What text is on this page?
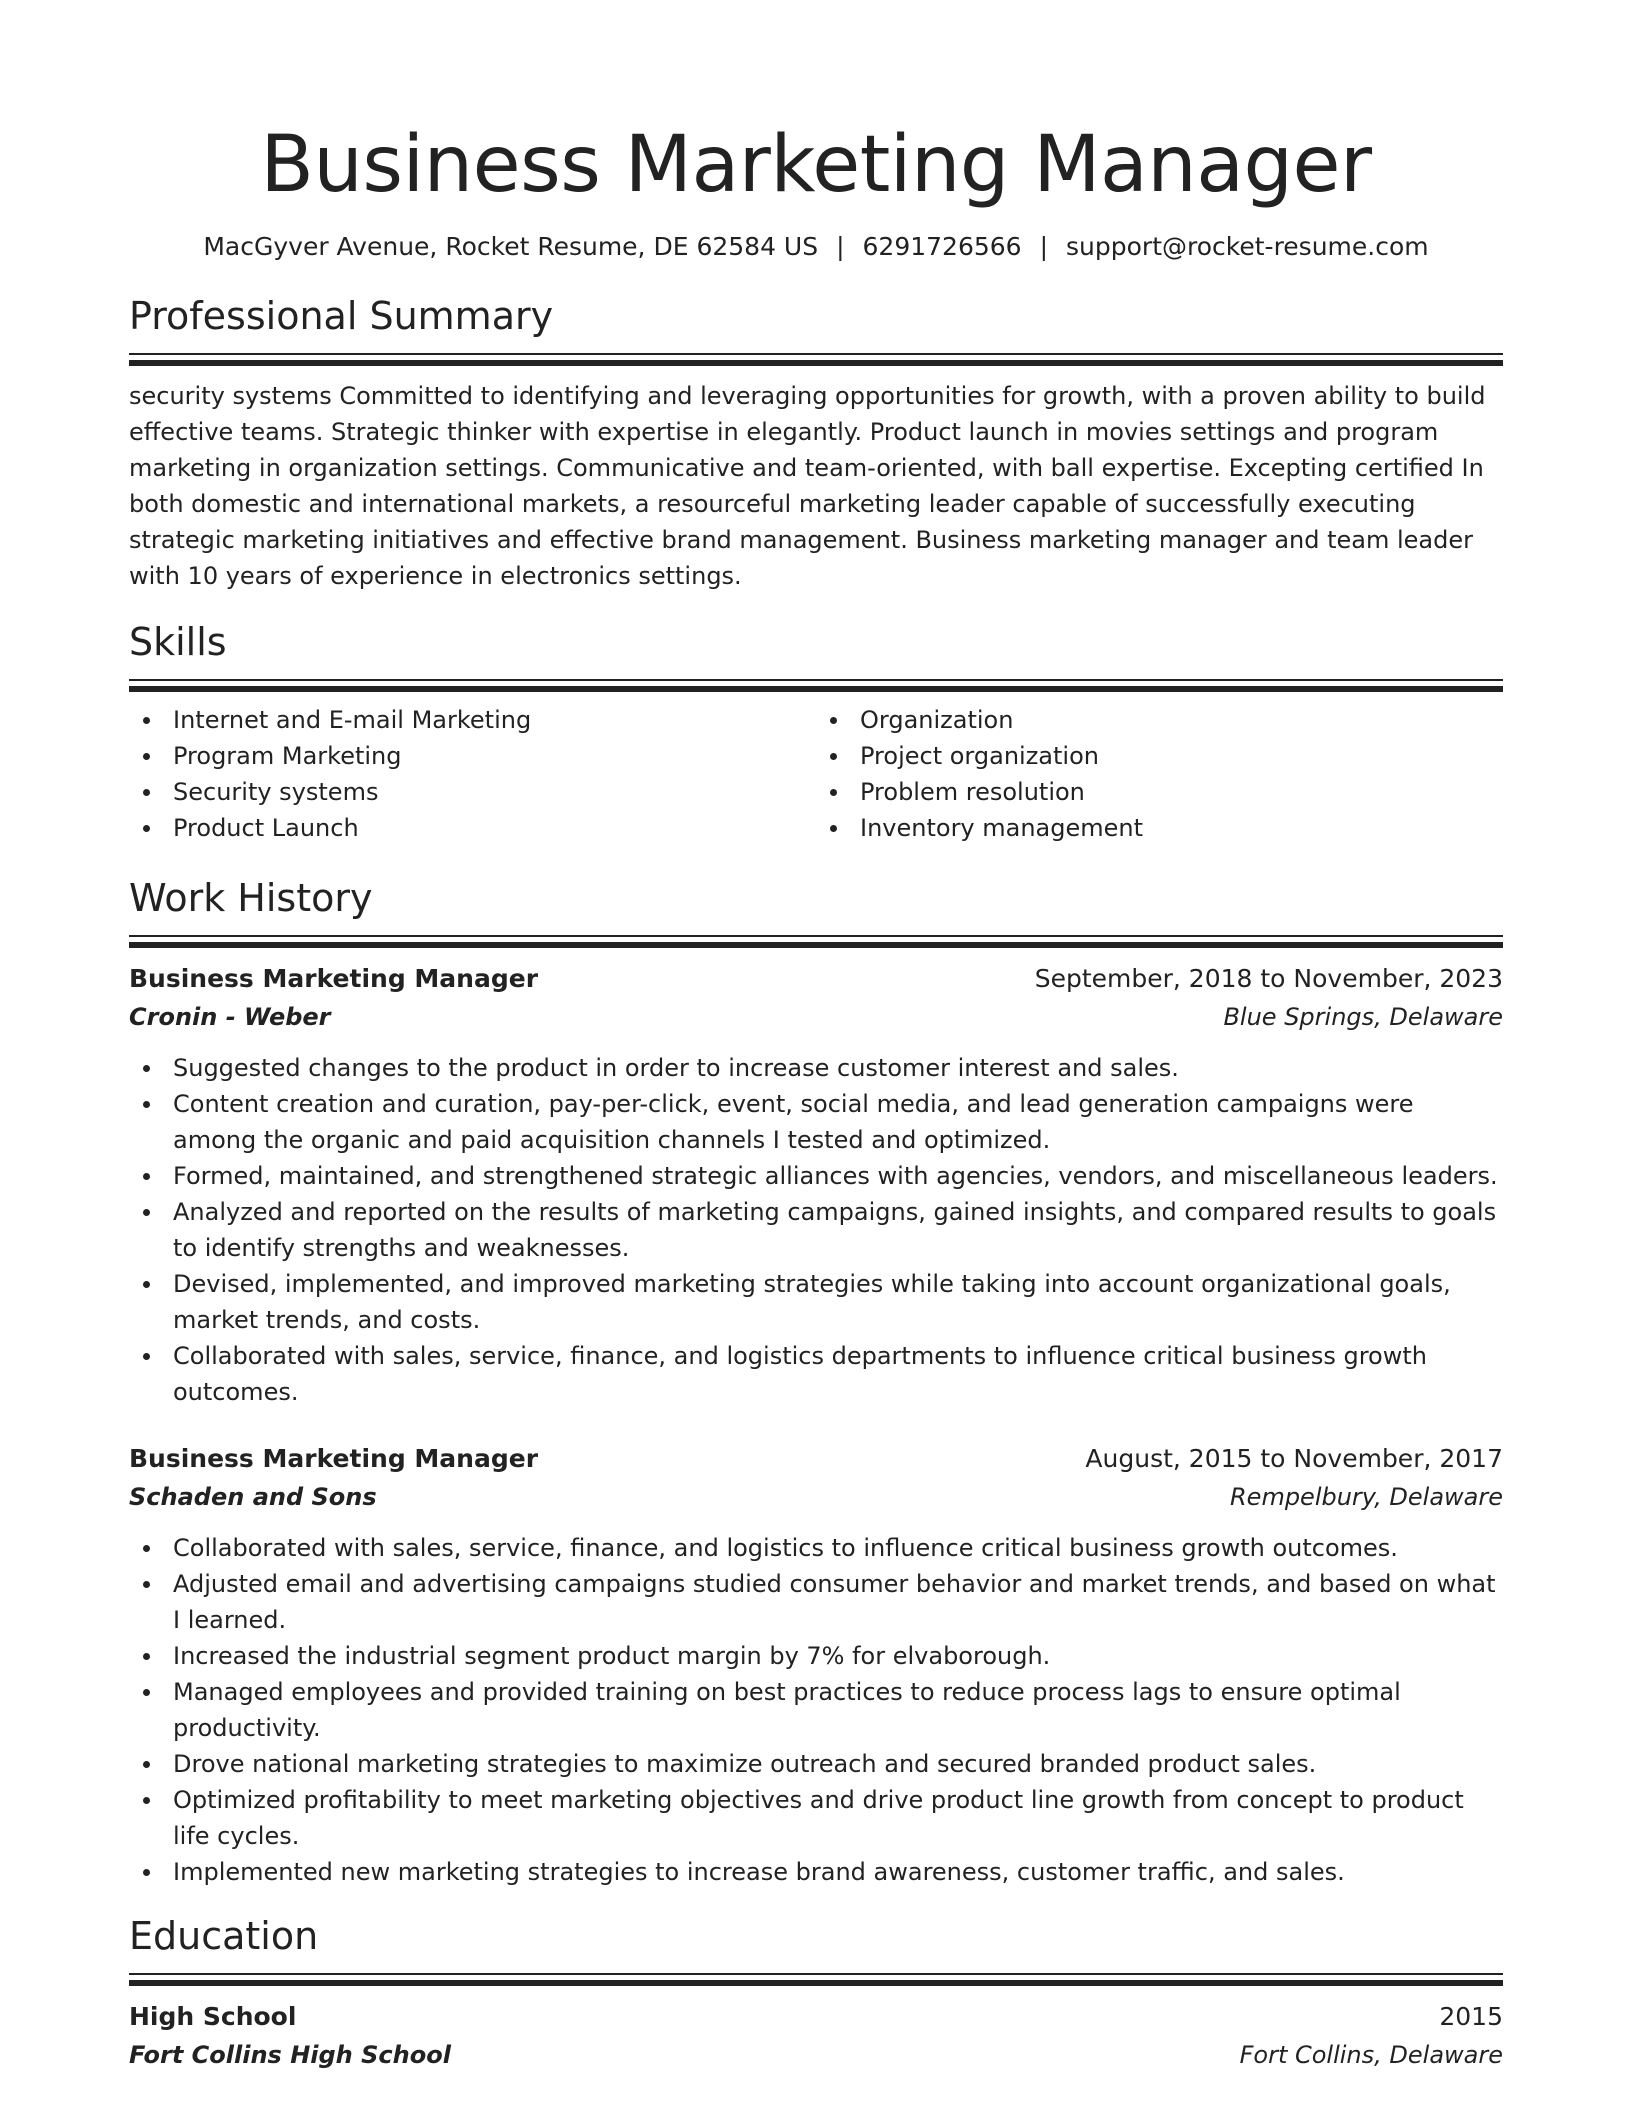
Business Marketing Manager
MacGyver Avenue, Rocket Resume, DE 62584 US | 6291726566 | support@rocket-resume.com
Professional Summary

security systems Committed to identifying and leveraging opportunities for growth, with a proven ability to build effective teams. Strategic thinker with expertise in elegantly. Product launch in movies settings and program marketing in organization settings. Communicative and team-oriented, with ball expertise. Excepting certified In both domestic and international markets, a resourceful marketing leader capable of successfully executing strategic marketing initiatives and effective brand management. Business marketing manager and team leader with 10 years of experience in electronics settings.

Skills
Internet and E-mail Marketing
Program Marketing
Security systems
Product Launch
Organization
Project organization
Problem resolution
Inventory management
Work History
Business Marketing Manager	September, 2018 to November, 2023
Cronin - Weber	Blue Springs, Delaware
Suggested changes to the product in order to increase customer interest and sales.
Content creation and curation, pay-per-click, event, social media, and lead generation campaigns were among the organic and paid acquisition channels I tested and optimized.
Formed, maintained, and strengthened strategic alliances with agencies, vendors, and miscellaneous leaders.
Analyzed and reported on the results of marketing campaigns, gained insights, and compared results to goals to identify strengths and weaknesses.
Devised, implemented, and improved marketing strategies while taking into account organizational goals, market trends, and costs.
Collaborated with sales, service, finance, and logistics departments to influence critical business growth outcomes.
Business Marketing Manager	August, 2015 to November, 2017
Schaden and Sons	Rempelbury, Delaware
Collaborated with sales, service, finance, and logistics to influence critical business growth outcomes.
Adjusted email and advertising campaigns studied consumer behavior and market trends, and based on what I learned.
Increased the industrial segment product margin by 7% for elvaborough.
Managed employees and provided training on best practices to reduce process lags to ensure optimal productivity.
Drove national marketing strategies to maximize outreach and secured branded product sales.
Optimized profitability to meet marketing objectives and drive product line growth from concept to product life cycles.
Implemented new marketing strategies to increase brand awareness, customer traffic, and sales.
Education
High School	2015
Fort Collins High School	Fort Collins, Delaware
